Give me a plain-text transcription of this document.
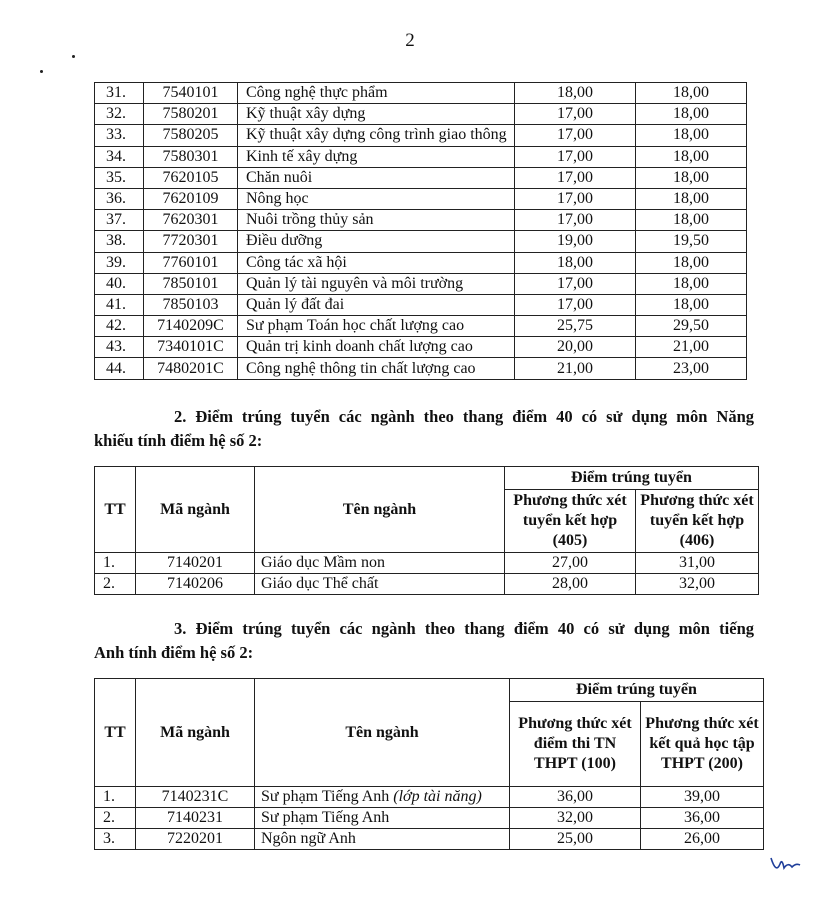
2
31.	7540101	Công nghệ thực phẩm	18,00	18,00
32.	7580201	Kỹ thuật xây dựng	17,00	18,00
33.	7580205	Kỹ thuật xây dựng công trình giao thông	17,00	18,00
34.	7580301	Kinh tế xây dựng	17,00	18,00
35.	7620105	Chăn nuôi	17,00	18,00
36.	7620109	Nông học	17,00	18,00
37.	7620301	Nuôi trồng thủy sản	17,00	18,00
38.	7720301	Điều dưỡng	19,00	19,50
39.	7760101	Công tác xã hội	18,00	18,00
40.	7850101	Quản lý tài nguyên và môi trường	17,00	18,00
41.	7850103	Quản lý đất đai	17,00	18,00
42.	7140209C	Sư phạm Toán học chất lượng cao	25,75	29,50
43.	7340101C	Quản trị kinh doanh chất lượng cao	20,00	21,00
44.	7480201C	Công nghệ thông tin chất lượng cao	21,00	23,00
2. Điểm trúng tuyển các ngành theo thang điểm 40 có sử dụng môn Năng
khiếu tính điểm hệ số 2:
TT	Mã ngành	Tên ngành	Điểm trúng tuyển	
			Phương thức xét tuyển kết hợp (405)	Phương thức xét tuyển kết hợp (406)
1.	7140201	Giáo dục Mầm non	27,00	31,00
2.	7140206	Giáo dục Thể chất	28,00	32,00
3. Điểm trúng tuyển các ngành theo thang điểm 40 có sử dụng môn tiếng
Anh tính điểm hệ số 2:
TT	Mã ngành	Tên ngành	Điểm trúng tuyển	
			Phương thức xét điểm thi TN THPT (100)	Phương thức xét kết quả học tập THPT (200)
1.	7140231C	Sư phạm Tiếng Anh (lớp tài năng)	36,00	39,00
2.	7140231	Sư phạm Tiếng Anh	32,00	36,00
3.	7220201	Ngôn ngữ Anh	25,00	26,00
